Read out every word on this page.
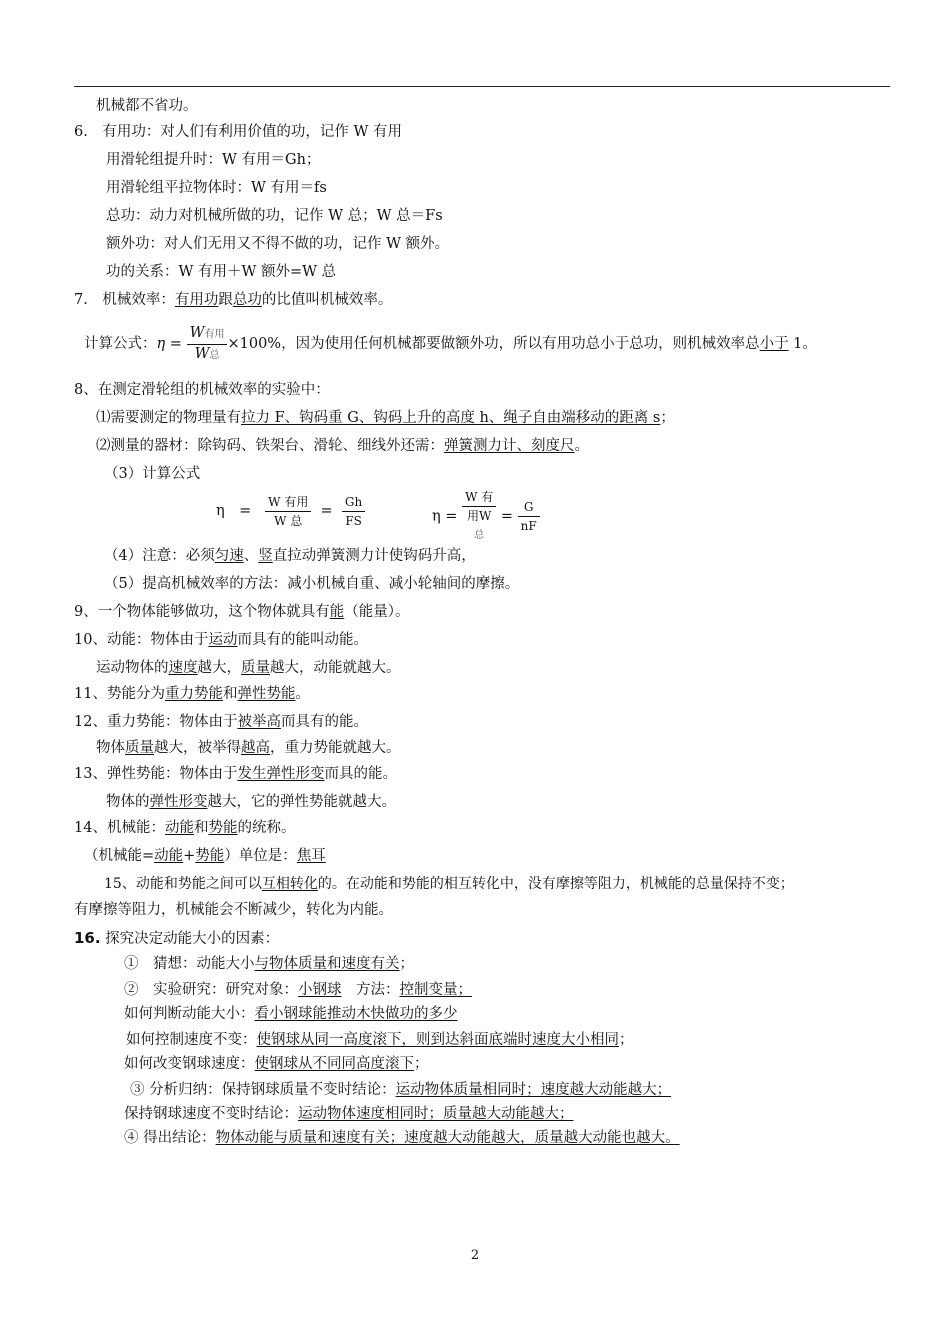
机械都不省功。
6.　有用功：对人们有利用价值的功，记作 W 有用
用滑轮组提升时：W 有用＝Gh；
用滑轮组平拉物体时：W 有用＝fs
总功：动力对机械所做的功，记作 W 总；W 总＝Fs
额外功：对人们无用又不得不做的功，记作 W 额外。
功的关系：W 有用＋W 额外=W 总
7.　机械效率：有用功跟总功的比值叫机械效率。
计算公式：$\eta = \frac{\text{W有用}}{\text{W总}} \times 100\%$，因为使用任何机械都要做额外功，所以有用功总小于总功，则机械效率总小于 1。
8、在测定滑轮组的机械效率的实验中：
⑴需要测定的物理量有拉力 F、钩码重 G、钩码上升的高度 h、绳子自由端移动的距离 s；
⑵测量的器材：除钩码、铁架台、滑轮、细线外还需：弹簧测力计、刻度尺。
（3）计算公式
η　= $\frac{\text{W 有用}}{\text{W 总}} = \frac{Gh}{FS}$	η =
W 有
用W
总
= $\frac{G}{nF}$
（4）注意：必须匀速、竖直拉动弹簧测力计使钩码升高，
（5）提高机械效率的方法：减小机械自重、减小轮轴间的摩擦。
9、一个物体能够做功，这个物体就具有能（能量）。
10、动能：物体由于运动而具有的能叫动能。
运动物体的速度越大，质量越大，动能就越大。
11、势能分为重力势能和弹性势能。
12、重力势能：物体由于被举高而具有的能。
物体质量越大，被举得越高，重力势能就越大。
13、弹性势能：物体由于发生弹性形变而具的能。
物体的弹性形变越大，它的弹性势能就越大。
14、机械能：动能和势能的统称。
（机械能=动能+势能）单位是：焦耳
15、动能和势能之间可以互相转化的。在动能和势能的相互转化中，没有摩擦等阻力，机械能的总量保持不变；
有摩擦等阻力，机械能会不断减少，转化为内能。
16. 探究决定动能大小的因素：
①　猜想：动能大小与物体质量和速度有关；
②　实验研究：研究对象：小钢球　方法：控制变量；
如何判断动能大小：看小钢球能推动木快做功的多少
如何控制速度不变：使钢球从同一高度滚下，则到达斜面底端时速度大小相同；
如何改变钢球速度：使钢球从不同同高度滚下；
③ 分析归纳：保持钢球质量不变时结论：运动物体质量相同时；速度越大动能越大；
保持钢球速度不变时结论：运动物体速度相同时；质量越大动能越大；
④ 得出结论：物体动能与质量和速度有关；速度越大动能越大，质量越大动能也越大。
2
